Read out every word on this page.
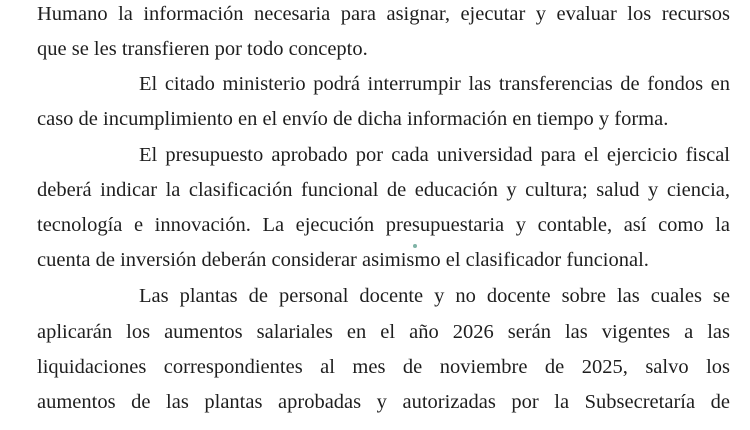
Humano la información necesaria para asignar, ejecutar y evaluar los recursos
que se les transfieren por todo concepto.
El citado ministerio podrá interrumpir las transferencias de fondos en
caso de incumplimiento en el envío de dicha información en tiempo y forma.
El presupuesto aprobado por cada universidad para el ejercicio fiscal
deberá indicar la clasificación funcional de educación y cultura; salud y ciencia,
tecnología e innovación. La ejecución presupuestaria y contable, así como la
cuenta de inversión deberán considerar asimismo el clasificador funcional.
Las plantas de personal docente y no docente sobre las cuales se
aplicarán los aumentos salariales en el año 2026 serán las vigentes a las
liquidaciones correspondientes al mes de noviembre de 2025, salvo los
aumentos de las plantas aprobadas y autorizadas por la Subsecretaría de
